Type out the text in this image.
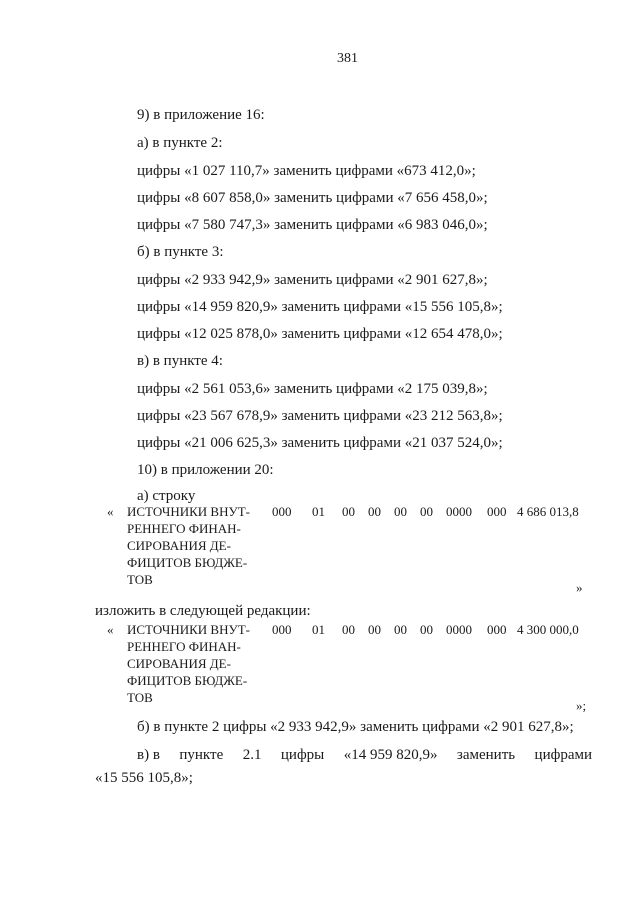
381
9) в приложение 16:
а) в пункте 2:
цифры «1 027 110,7» заменить цифрами «673 412,0»;
цифры «8 607 858,0» заменить цифрами «7 656 458,0»;
цифры «7 580 747,3» заменить цифрами «6 983 046,0»;
б) в пункте 3:
цифры «2 933 942,9» заменить цифрами «2 901 627,8»;
цифры «14 959 820,9» заменить цифрами «15 556 105,8»;
цифры «12 025 878,0» заменить цифрами «12 654 478,0»;
в) в пункте 4:
цифры «2 561 053,6» заменить цифрами «2 175 039,8»;
цифры «23 567 678,9» заменить цифрами «23 212 563,8»;
цифры «21 006 625,3» заменить цифрами «21 037 524,0»;
10) в приложении 20:
а) строку
« ИСТОЧНИКИ ВНУТ-
РЕННЕГО ФИНАН-
СИРОВАНИЯ ДЕ-
ФИЦИТОВ БЮДЖЕ-
ТОВ
000 01 00 00 00 00 0000 000 4 686 013,8
»
изложить в следующей редакции:
« ИСТОЧНИКИ ВНУТ-
РЕННЕГО ФИНАН-
СИРОВАНИЯ ДЕ-
ФИЦИТОВ БЮДЖЕ-
ТОВ
000 01 00 00 00 00 0000 000 4 300 000,0
»;
б) в пункте 2 цифры «2 933 942,9» заменить цифрами «2 901 627,8»;
в) в пункте 2.1 цифры «14 959 820,9» заменить цифрами
«15 556 105,8»;
